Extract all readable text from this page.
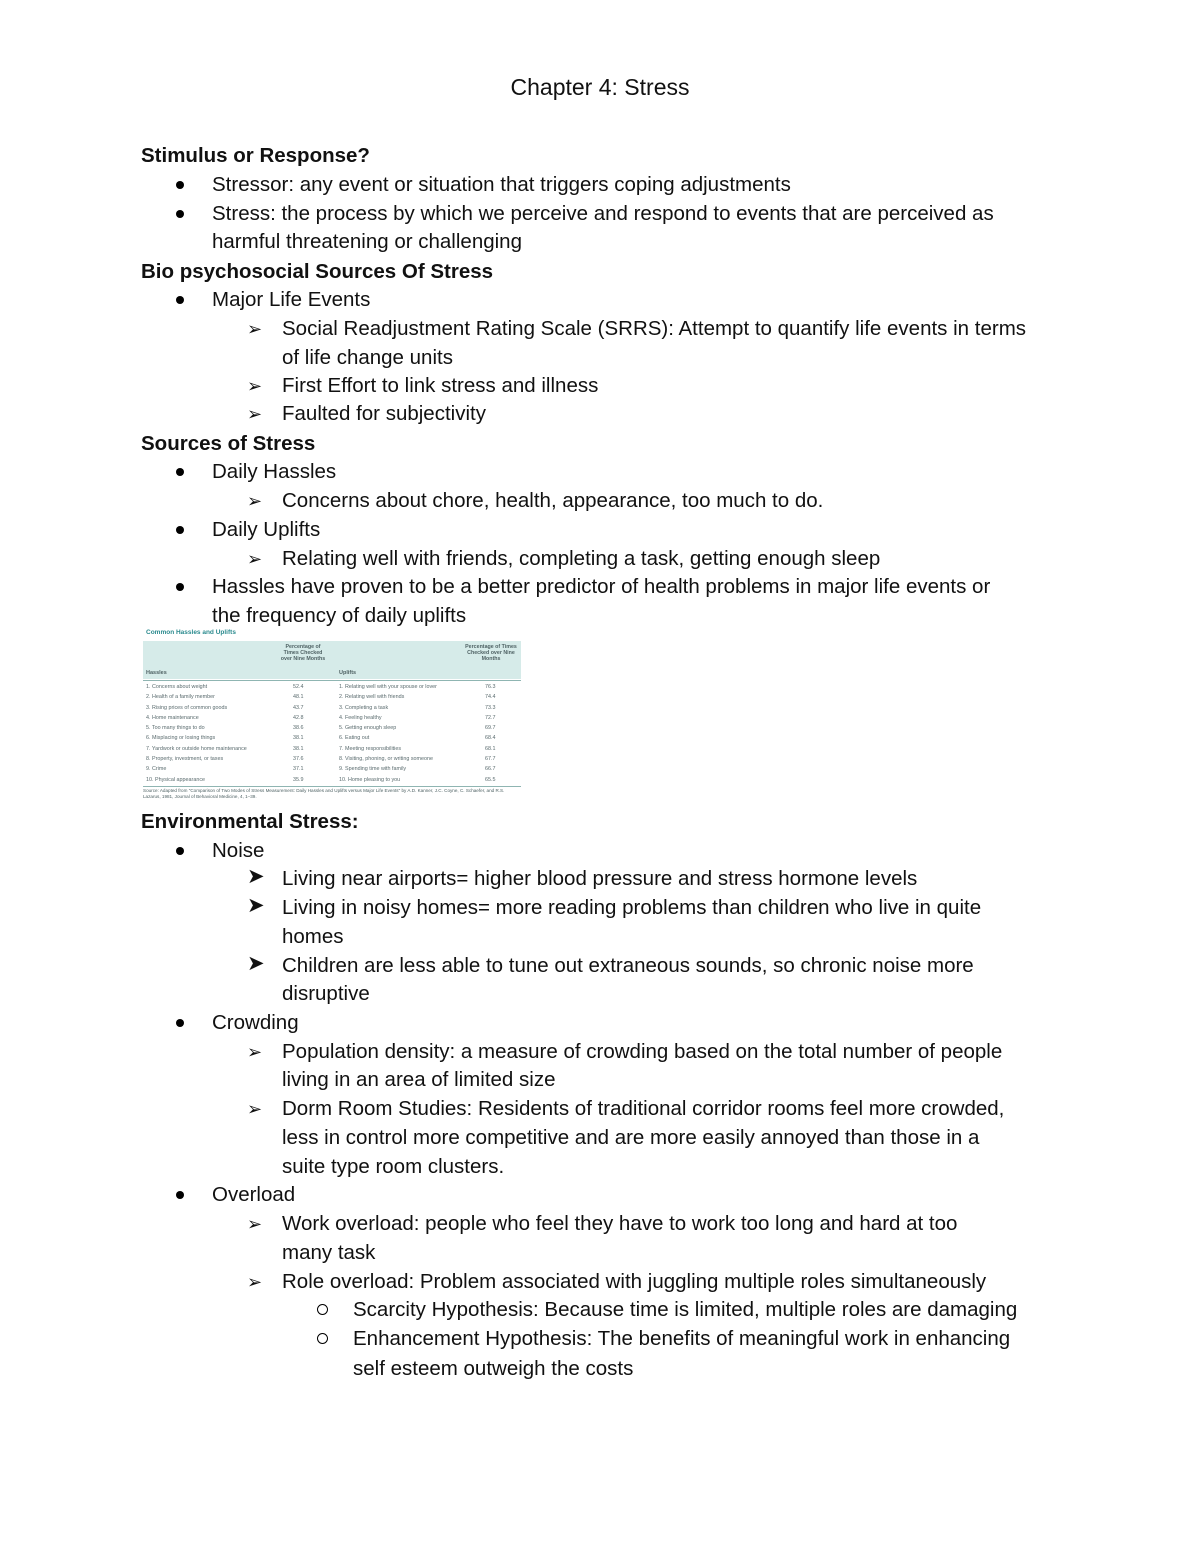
Chapter 4: Stress
Stimulus or Response?
Stressor: any event or situation that triggers coping adjustments
Stress: the process by which we perceive and respond to events that are perceived as
harmful threatening or challenging
Bio psychosocial Sources Of Stress
Major Life Events
➢ Social Readjustment Rating Scale (SRRS): Attempt to quantify life events in terms
of life change units
➢ First Effort to link stress and illness
➢ Faulted for subjectivity
Sources of Stress
Daily Hassles
➢ Concerns about chore, health, appearance, too much to do.
Daily Uplifts
➢ Relating well with friends, completing a task, getting enough sleep
Hassles have proven to be a better predictor of health problems in major life events or
the frequency of daily uplifts
Common Hassles and Uplifts
Percentage of Times Checked over Nine Months
Percentage of Times Checked over Nine Months
Hassles	Uplifts
1. Concerns about weight	52.4	1. Relating well with your spouse or lover	76.3
2. Health of a family member	48.1	2. Relating well with friends	74.4
3. Rising prices of common goods	43.7	3. Completing a task	73.3
4. Home maintenance	42.8	4. Feeling healthy	72.7
5. Too many things to do	38.6	5. Getting enough sleep	69.7
6. Misplacing or losing things	38.1	6. Eating out	68.4
7. Yardwork or outside home maintenance	38.1	7. Meeting responsibilities	68.1
8. Property, investment, or taxes	37.6	8. Visiting, phoning, or writing someone	67.7
9. Crime	37.1	9. Spending time with family	66.7
10. Physical appearance	35.9	10. Home pleasing to you	65.5
Source: Adapted from "Comparison of Two Modes of Stress Measurement: Daily Hassles and Uplifts versus Major Life Events" by A.D. Kanner, J.C. Coyne, C. Schaefer, and R.S. Lazarus, 1981, Journal of Behavioral Medicine, 4, 1–39.
Environmental Stress:
Noise
➤ Living near airports= higher blood pressure and stress hormone levels
➤ Living in noisy homes= more reading problems than children who live in quite
homes
➤ Children are less able to tune out extraneous sounds, so chronic noise more
disruptive
Crowding
➢ Population density: a measure of crowding based on the total number of people
living in an area of limited size
➢ Dorm Room Studies: Residents of traditional corridor rooms feel more crowded,
less in control more competitive and are more easily annoyed than those in a
suite type room clusters.
Overload
➢ Work overload: people who feel they have to work too long and hard at too
many task
➢ Role overload: Problem associated with juggling multiple roles simultaneously
Scarcity Hypothesis: Because time is limited, multiple roles are damaging
Enhancement Hypothesis: The benefits of meaningful work in enhancing
self esteem outweigh the costs
